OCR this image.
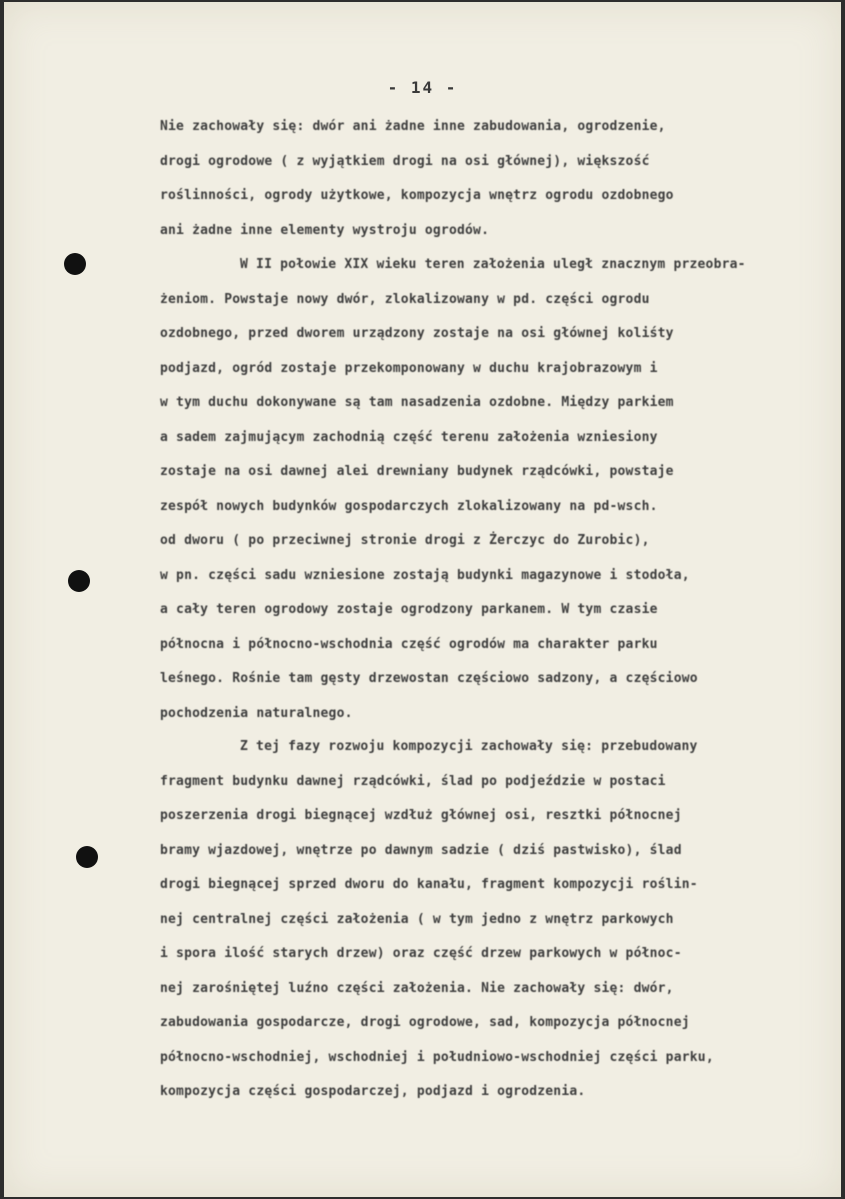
- 14 -
Nie zachowały się: dwór ani żadne inne zabudowania, ogrodzenie,
drogi ogrodowe ( z wyjątkiem drogi na osi głównej), większość
roślinności, ogrody użytkowe, kompozycja wnętrz ogrodu ozdobnego
ani żadne inne elementy wystroju ogrodów.
W II połowie XIX wieku teren założenia uległ znacznym przeobra-
żeniom. Powstaje nowy dwór, zlokalizowany w pd. części ogrodu
ozdobnego, przed dworem urządzony zostaje na osi głównej koliśty
podjazd, ogród zostaje przekomponowany w duchu krajobrazowym i
w tym duchu dokonywane są tam nasadzenia ozdobne. Między parkiem
a sadem zajmującym zachodnią część terenu założenia wzniesiony
zostaje na osi dawnej alei drewniany budynek rządcówki, powstaje
zespół nowych budynków gospodarczych zlokalizowany na pd-wsch.
od dworu ( po przeciwnej stronie drogi z Żerczyc do Zurobic),
w pn. części sadu wzniesione zostają budynki magazynowe i stodoła,
a cały teren ogrodowy zostaje ogrodzony parkanem. W tym czasie
północna i północno-wschodnia część ogrodów ma charakter parku
leśnego. Rośnie tam gęsty drzewostan częściowo sadzony, a częściowo
pochodzenia naturalnego.
Z tej fazy rozwoju kompozycji zachowały się: przebudowany
fragment budynku dawnej rządcówki, ślad po podjeździe w postaci
poszerzenia drogi biegnącej wzdłuż głównej osi, resztki północnej
bramy wjazdowej, wnętrze po dawnym sadzie ( dziś pastwisko), ślad
drogi biegnącej sprzed dworu do kanału, fragment kompozycji roślin-
nej centralnej części założenia ( w tym jedno z wnętrz parkowych
i spora ilość starych drzew) oraz część drzew parkowych w północ-
nej zarośniętej luźno części założenia. Nie zachowały się: dwór,
zabudowania gospodarcze, drogi ogrodowe, sad, kompozycja północnej
północno-wschodniej, wschodniej i południowo-wschodniej części parku,
kompozycja części gospodarczej, podjazd i ogrodzenia.
